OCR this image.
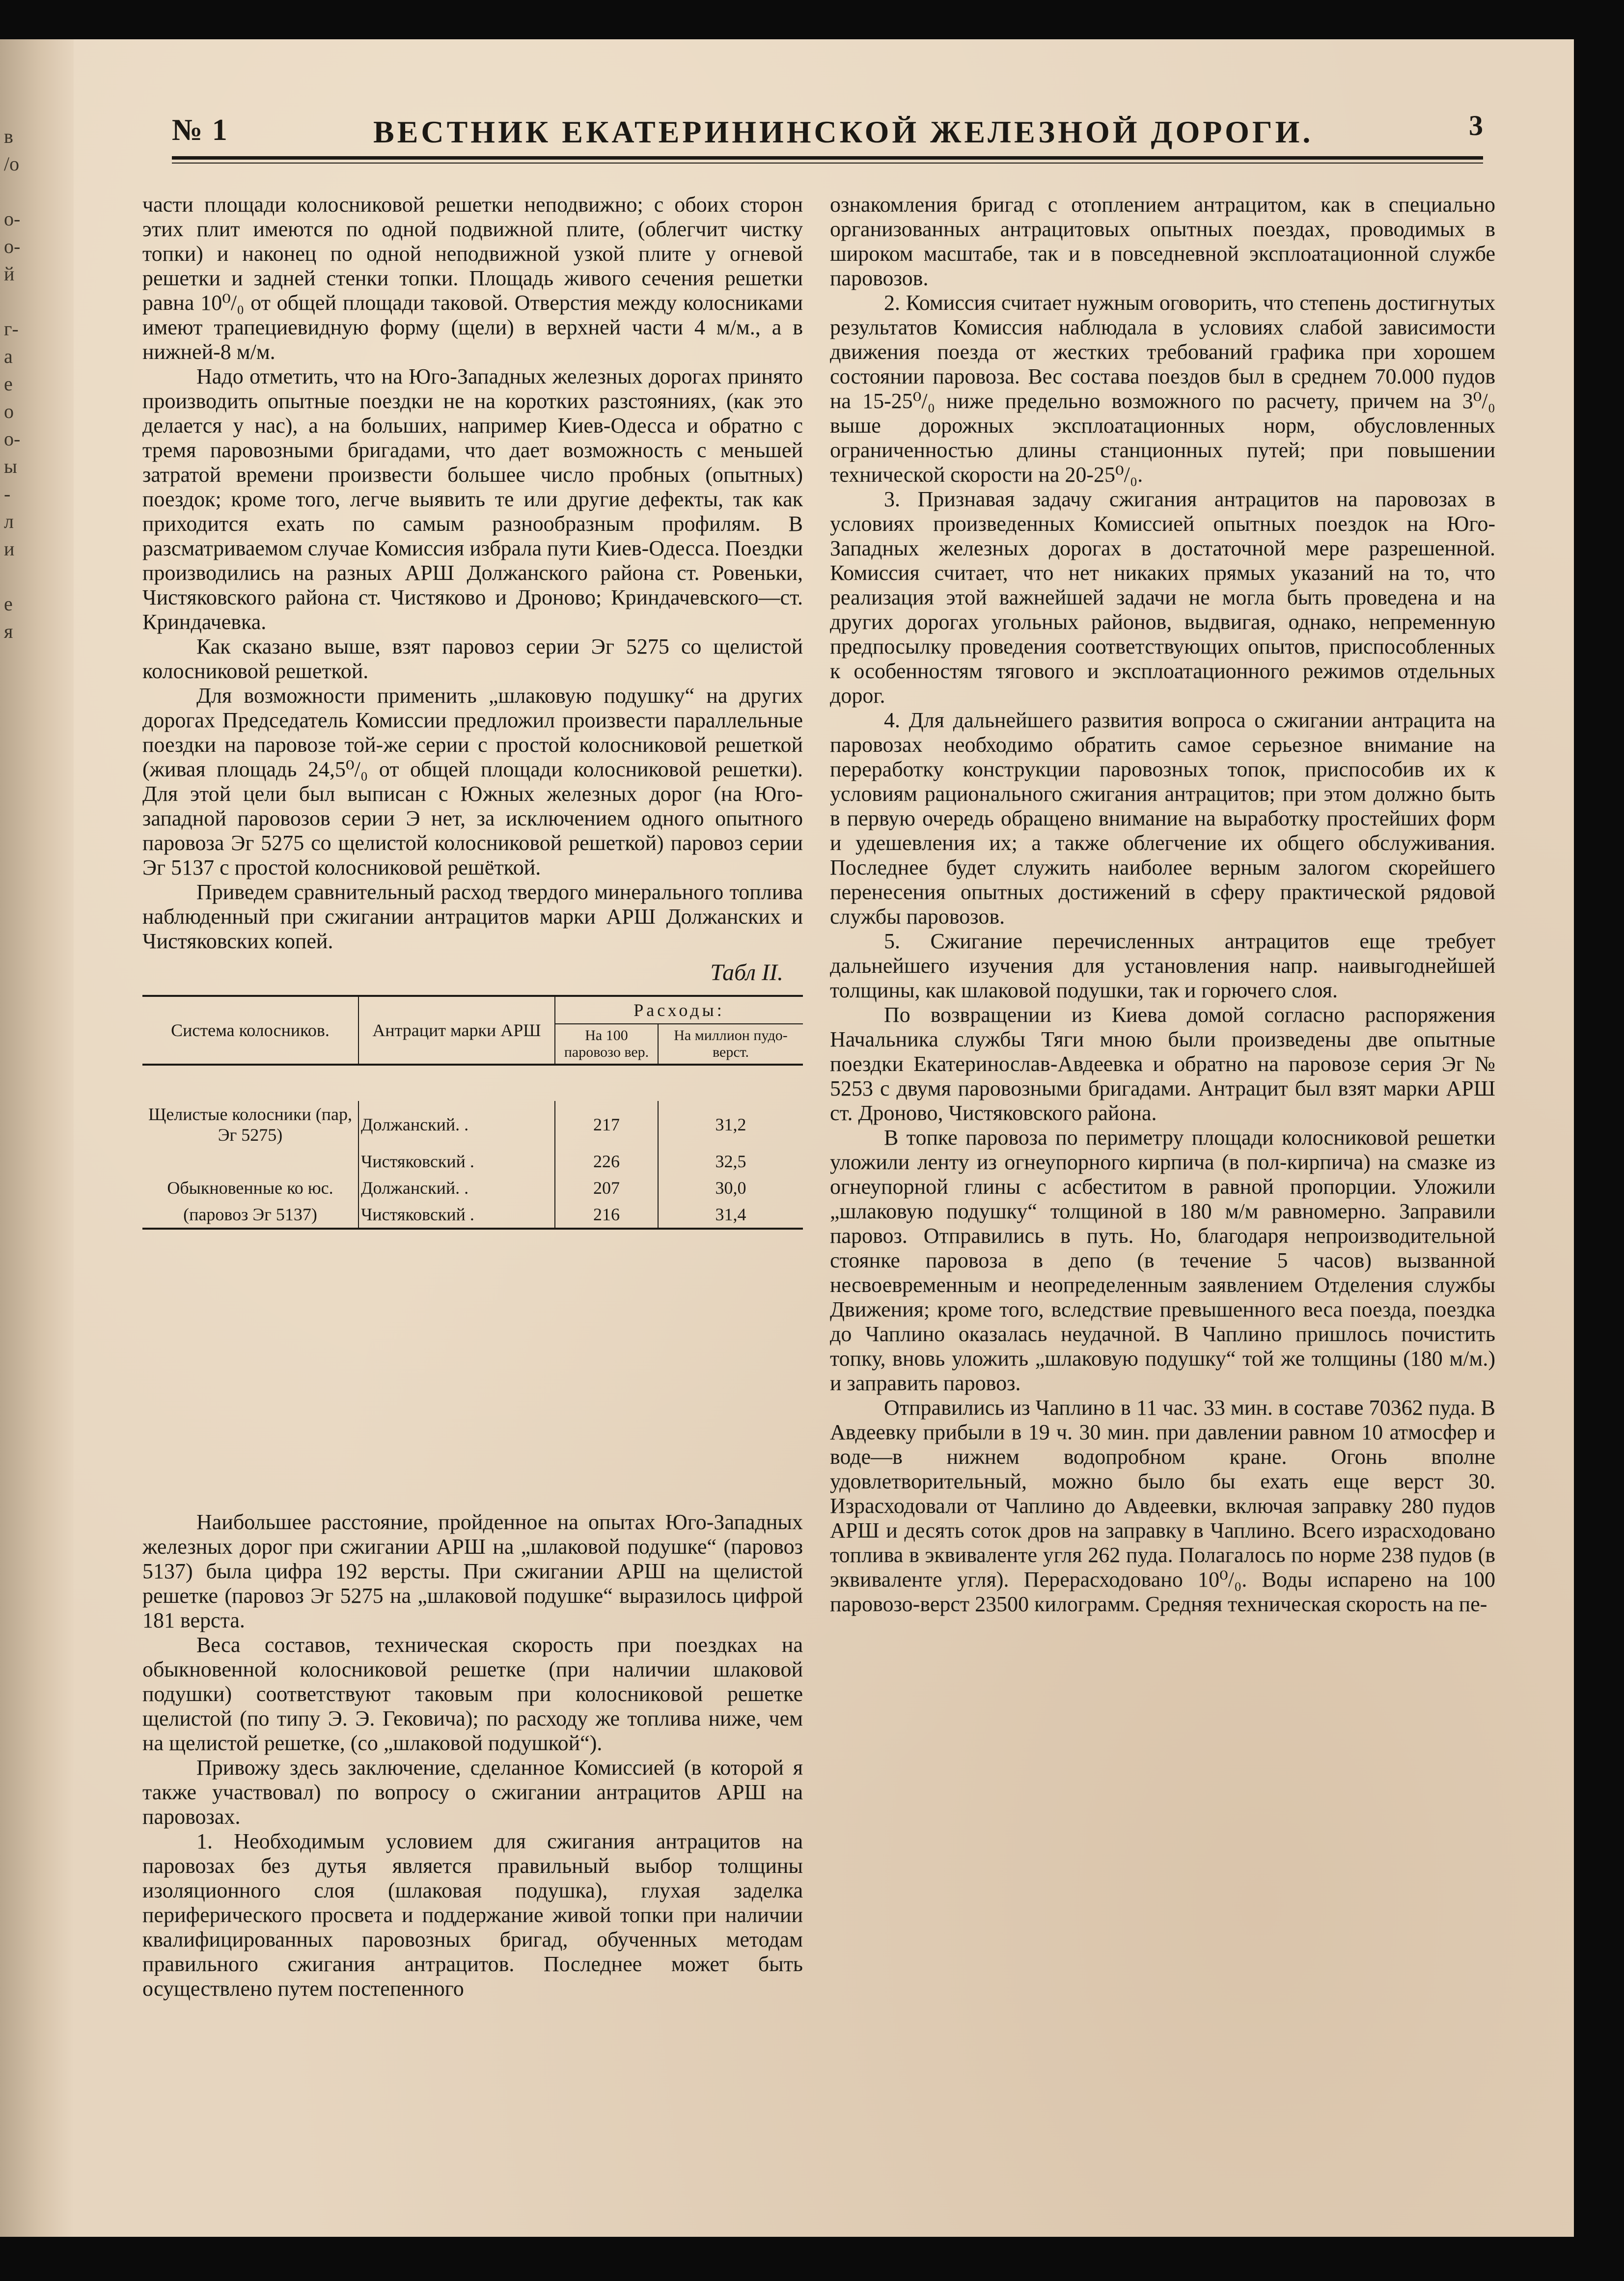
в
/о

о-
о-
й

г-
а
е
о
о-
ы
-
л
и

е
я
№ 1	ВЕСТНИК ЕКАТЕРИНИНСКОЙ ЖЕЛЕЗНОЙ ДОРОГИ.	3

части площади колосниковой решетки неподвижно; с обоих сторон этих плит имеются по одной подвижной плите, (облегчит чистку топки) и наконец по одной неподвижной узкой плите у огневой решетки и задней стенки топки. Площадь живого сечения решетки равна 10⁰/₀ от общей площади таковой. Отверстия между колосниками имеют трапециевидную форму (щели) в верхней части 4 м/м., а в нижней-8 м/м.

Надо отметить, что на Юго-Западных железных дорогах принято производить опытные поездки не на коротких разстояниях, (как это делается у нас), а на больших, например Киев-Одесса и обратно с тремя паровозными бригадами, что дает возможность с меньшей затратой времени произвести большее число пробных (опытных) поездок; кроме того, легче выявить те или другие дефекты, так как приходится ехать по самым разнообразным профилям. В разсматриваемом случае Комиссия избрала пути Киев-Одесса. Поездки производились на разных АРШ Должанского района ст. Ровеньки, Чистяковского района ст. Чистяково и Дроново; Криндачевского—ст. Криндачевка.

Как сказано выше, взят паровоз серии Эг 5275 со щелистой колосниковой решеткой.

Для возможности применить „шлаковую подушку“ на других дорогах Председатель Комиссии предложил произвести параллельные поездки на паровозе той-же серии с простой колосниковой решеткой (живая площадь 24,5⁰/₀ от общей площади колосниковой решетки). Для этой цели был выписан с Южных железных дорог (на Юго-западной паровозов серии Э нет, за исключением одного опытного паровоза Эг 5275 со щелистой колосниковой решеткой) паровоз серии Эг 5137 с простой колосниковой решёткой.

Приведем сравнительный расход твердого минерального топлива наблюденный при сжигании антрацитов марки АРШ Должанских и Чистяковских копей.

Табл II.
Система колосников.	Антрацит марки АРШ	Расходы:	
		На 100 паровозо вер.	На миллион пудо-верст.

Щелистые колосники (пар, Эг 5275)	Должанский. .	217	31,2
	Чистяковский .	226	32,5
Обыкновенные ко юс.	Должанский. .	207	30,0
(паровоз Эг 5137)	Чистяковский .	216	31,4

Наибольшее расстояние, пройденное на опытах Юго-Западных железных дорог при сжигании АРШ на „шлаковой подушке“ (паровоз 5137) была цифра 192 версты. При сжигании АРШ на щелистой решетке (паровоз Эг 5275 на „шлаковой подушке“ выразилось цифрой 181 верста.

Веса составов, техническая скорость при поездках на обыкновенной колосниковой решетке (при наличии шлаковой подушки) соответствуют таковым при колосниковой решетке щелистой (по типу Э. Э. Гековича); по расходу же топлива ниже, чем на щелистой решетке, (со „шлаковой подушкой“).

Привожу здесь заключение, сделанное Комиссией (в которой я также участвовал) по вопросу о сжигании антрацитов АРШ на паровозах.

1. Необходимым условием для сжигания антрацитов на паровозах без дутья является правильный выбор толщины изоляционного слоя (шлаковая подушка), глухая заделка периферического просвета и поддержание живой топки при наличии квалифицированных паровозных бригад, обученных методам правильного сжигания антрацитов. Последнее может быть осуществлено путем постепенного

ознакомления бригад с отоплением антрацитом, как в специально организованных антрацитовых опытных поездах, проводимых в широком масштабе, так и в повседневной эксплоатационной службе паровозов.

2. Комиссия считает нужным оговорить, что степень достигнутых результатов Комиссия наблюдала в условиях слабой зависимости движения поезда от жестких требований графика при хорошем состоянии паровоза. Вес состава поездов был в среднем 70.000 пудов на 15-25⁰/₀ ниже предельно возможного по расчету, причем на 3⁰/₀ выше дорожных эксплоатационных норм, обусловленных ограниченностью длины станционных путей; при повышении технической скорости на 20-25⁰/₀.

3. Признавая задачу сжигания антрацитов на паровозах в условиях произведенных Комиссией опытных поездок на Юго-Западных железных дорогах в достаточной мере разрешенной. Комиссия считает, что нет никаких прямых указаний на то, что реализация этой важнейшей задачи не могла быть проведена и на других дорогах угольных районов, выдвигая, однако, непременную предпосылку проведения соответствующих опытов, приспособленных к особенностям тягового и эксплоатационного режимов отдельных дорог.

4. Для дальнейшего развития вопроса о сжигании антрацита на паровозах необходимо обратить самое серьезное внимание на переработку конструкции паровозных топок, приспособив их к условиям рационального сжигания антрацитов; при этом должно быть в первую очередь обращено внимание на выработку простейших форм и удешевления их; а также облегчение их общего обслуживания. Последнее будет служить наиболее верным залогом скорейшего перенесения опытных достижений в сферу практической рядовой службы паровозов.

5. Сжигание перечисленных антрацитов еще требует дальнейшего изучения для установления напр. наивыгоднейшей толщины, как шлаковой подушки, так и горючего слоя.

По возвращении из Киева домой согласно распоряжения Начальника службы Тяги мною были произведены две опытные поездки Екатеринослав-Авдеевка и обратно на паровозе серия Эг № 5253 с двумя паровозными бригадами. Антрацит был взят марки АРШ ст. Дроново, Чистяковского района.

В топке паровоза по периметру площади колосниковой решетки уложили ленту из огнеупорного кирпича (в пол-кирпича) на смазке из огнеупорной глины с асбеститом в равной пропорции. Уложили „шлаковую подушку“ толщиной в 180 м/м равномерно. Заправили паровоз. Отправились в путь. Но, благодаря непроизводительной стоянке паровоза в депо (в течение 5 часов) вызванной несвоевременным и неопределенным заявлением Отделения службы Движения; кроме того, вследствие превышенного веса поезда, поездка до Чаплино оказалась неудачной. В Чаплино пришлось почистить топку, вновь уложить „шлаковую подушку“ той же толщины (180 м/м.) и заправить паровоз.

Отправились из Чаплино в 11 час. 33 мин. в составе 70362 пуда. В Авдеевку прибыли в 19 ч. 30 мин. при давлении равном 10 атмосфер и воде—в нижнем водопробном кране. Огонь вполне удовлетворительный, можно было бы ехать еще верст 30. Израсходовали от Чаплино до Авдеевки, включая заправку 280 пудов АРШ и десять соток дров на заправку в Чаплино. Всего израсходовано топлива в эквиваленте угля 262 пуда. Полагалось по норме 238 пудов (в эквиваленте угля). Перерасходовано 10⁰/₀. Воды испарено на 100 паровозо-верст 23500 килограмм. Средняя техническая скорость на пе-
